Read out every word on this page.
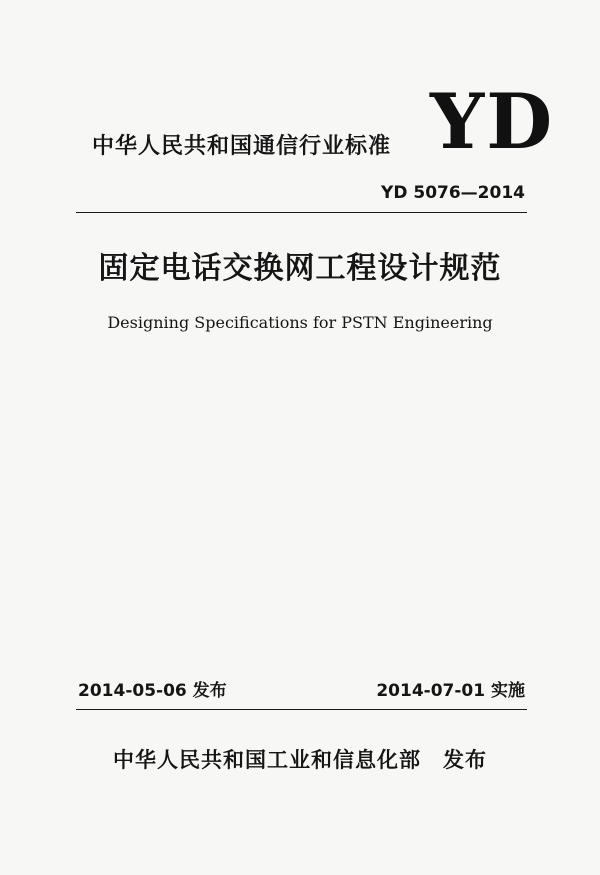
YD
中华人民共和国通信行业标准
YD 5076—2014
固定电话交换网工程设计规范
Designing Specifications for PSTN Engineering
2014-05-06 发布	2014-07-01 实施
中华人民共和国工业和信息化部　发布
